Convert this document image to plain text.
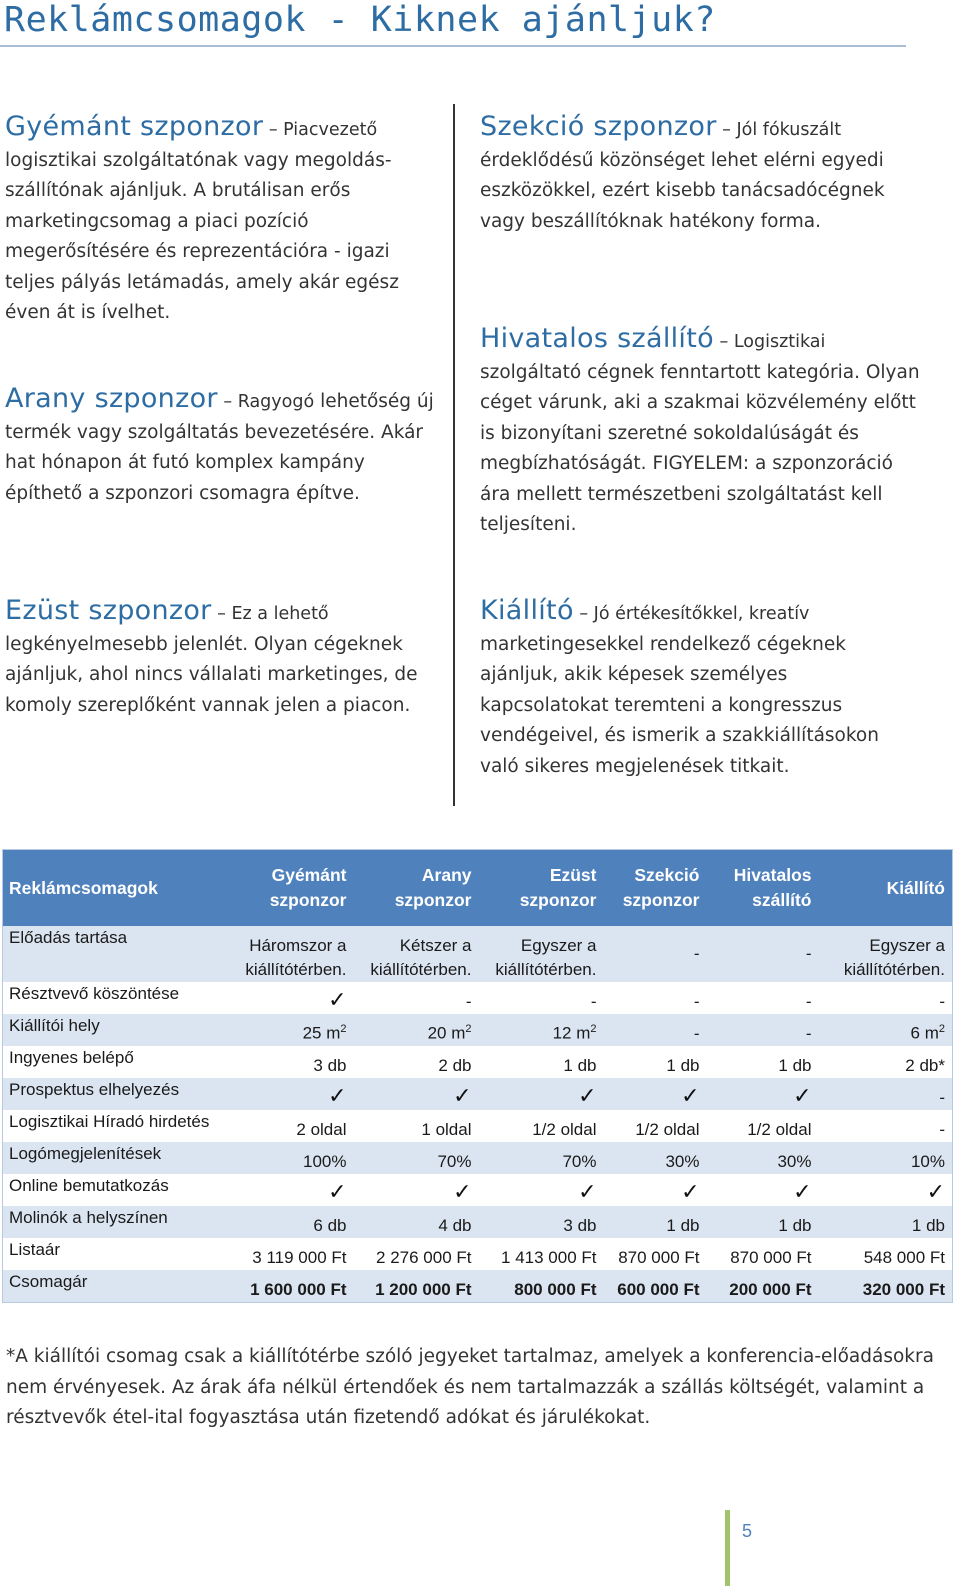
Reklámcsomagok - Kiknek ajánljuk?

Gyémánt szponzor – Piacvezető logisztikai szolgáltatónak vagy megoldás-szállítónak ajánljuk. A brutálisan erős marketingcsomag a piaci pozíció megerősítésére és reprezentációra - igazi teljes pályás letámadás, amely akár egész éven át is ívelhet.

Arany szponzor – Ragyogó lehetőség új termék vagy szolgáltatás bevezetésére. Akár hat hónapon át futó komplex kampány építhető a szponzori csomagra építve.

Ezüst szponzor – Ez a lehető legkényelmesebb jelenlét. Olyan cégeknek ajánljuk, ahol nincs vállalati marketinges, de komoly szereplőként vannak jelen a piacon.

Szekció szponzor – Jól fókuszált érdeklődésű közönséget lehet elérni egyedi eszközökkel, ezért kisebb tanácsadócégnek vagy beszállítóknak hatékony forma.

Hivatalos szállító – Logisztikai szolgáltató cégnek fenntartott kategória. Olyan céget várunk, aki a szakmai közvélemény előtt is bizonyítani szeretné sokoldalúságát és megbízhatóságát. FIGYELEM: a szponzoráció ára mellett természetbeni szolgáltatást kell teljesíteni.

Kiállító – Jó értékesítőkkel, kreatív marketingesekkel rendelkező cégeknek ajánljuk, akik képesek személyes kapcsolatokat teremteni a kongresszus vendégeivel, és ismerik a szakkiállításokon való sikeres megjelenések titkait.

Reklámcsomagok	Gyémánt szponzor	Arany szponzor	Ezüst szponzor	Szekció szponzor	Hivatalos szállító	Kiállító
Előadás tartása	Háromszor a kiállítótérben.	Kétszer a kiállítótérben.	Egyszer a kiállítótérben.	-	-	Egyszer a kiállítótérben.
Résztvevő köszöntése	✓	-	-	-	-	-
Kiállítói hely	25 $m^2$	20 $m^2$	12 $m^2$	-	-	6 $m^2$
Ingyenes belépő	3 db	2 db	1 db	1 db	1 db	2 db*
Prospektus elhelyezés	✓	✓	✓	✓	✓	-
Logisztikai Híradó hirdetés	2 oldal	1 oldal	1/2 oldal	1/2 oldal	1/2 oldal	-
Logómegjelenítések	100%	70%	70%	30%	30%	10%
Online bemutatkozás	✓	✓	✓	✓	✓	✓
Molinók a helyszínen	6 db	4 db	3 db	1 db	1 db	1 db
Listaár	3 119 000 Ft	2 276 000 Ft	1 413 000 Ft	870 000 Ft	870 000 Ft	548 000 Ft
Csomagár	1 600 000 Ft	1 200 000 Ft	800 000 Ft	600 000 Ft	200 000 Ft	320 000 Ft

*A kiállítói csomag csak a kiállítótérbe szóló jegyeket tartalmaz, amelyek a konferencia-előadásokra nem érvényesek. Az árak áfa nélkül értendőek és nem tartalmazzák a szállás költségét, valamint a résztvevők étel-ital fogyasztása után fizetendő adókat és járulékokat.

5
